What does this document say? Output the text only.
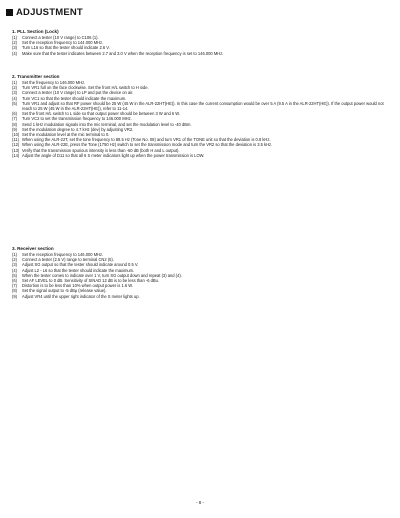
ADJUSTMENT

1. PLL Section (Lock)

(1)	Connect a tester (10 V range) to C106 (1).
(2)	Set the reception frequency to 144.000 MHz.
(3)	Turn L16 so that the tester should indicate 2.6 V.
(4)	Make sure that the tester indicates between 2.7 and 3.0 V when the reception frequency is set to 146.000 MHz.

2. Transmitter section

(1)	Set the frequency to 146.000 MHz.
(2)	Turn VR1 full on the face clockwise. Set the front H/L switch to H side.
(3)	Connect a tester (10 V range) to LP and put the device on air.
(4)	Turn VC1 so that the tester should indicate the maximum.
(5)	Turn VR1 and adjust so that RF power should be 25 W (45 W in the ALR-22HT(HE)). In this case the current consumption would be over 5 A (9.5 A in the ALR-22HT(HE)). If the output power would not reach to 25 W (45 W in the ALR-22HT(HE)), refer to 11-14.
(6)	Set the front H/L switch to L side so that output power should be between 3 W and 6 W.
(7)	Turn VC2 to set the transmission frequency to 146.000 MHz.
(8)	Send 1 kHz modulation signals into the mic terminal, and set the modulation level to -40 dBm.
(9)	Set the modulation degree to 4.7 kHz (dev) by adjusting VR2.
(10) Set the modulation level at the mic terminal to 0.
(11) When using the ALR-22T, set the tone frequency to 88.5 Hz (Tone No. 08) and turn VR1 of the TONE unit so that the deviation is 0.8 kHz.
(12) When using the ALR-22E, press the Tone (1750 Hz) switch to set the transmission mode and turn the VR2 so that the deviation is 3.5 kHz.
(13) Verify that the transmission spurious intensity is less than -60 dB (both H and L output).
(14) Adjust the angle of D11 so that all 6 S meter indicators light up when the power transmission is LOW.

3. Receiver section

(1)	Set the reception frequency to 146.000 MHz.
(2)	Connect a tester (2.5 V) range to terminal CN2 (5).
(3)	Adjust SG output so that the tester should indicate around 0.5 V.
(4)	Adjust L2 - L6 so that the tester should indicate the maximum.
(5)	When the tester comes to indicate over 1 V, turn SG output down and repeat (3) and (4).
(6)	Set AF LEVEL to 0 dB. Sensitivity of SINAD 12 dB is to be less than -6 dBu.
(7)	Distortion is to be less than 10% when output power is 1.6 W.
(8)	Set the signal output to -5 dBμ (release value).
(9)	Adjust VR4 until the upper right indicator of the S meter lights up.
- 8 -
